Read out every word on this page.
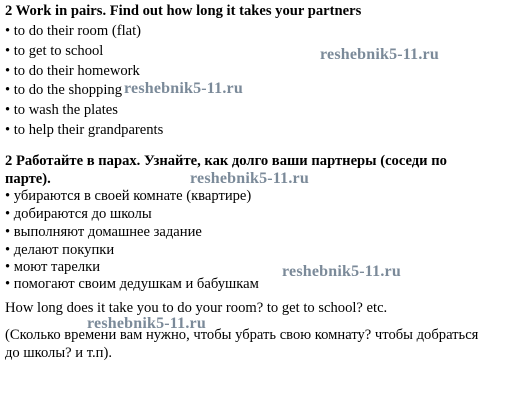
2 Work in pairs. Find out how long it takes your partners
• to do their room (flat)
• to get to school
• to do their homework
• to do the shopping
• to wash the plates
• to help their grandparents
2 Работайте в парах. Узнайте, как долго ваши партнеры (соседи по
парте).
• убираются в своей комнате (квартире)
• добираются до школы
• выполняют домашнее задание
• делают покупки
• моют тарелки
• помогают своим дедушкам и бабушкам
How long does it take you to do your room? to get to school? etc.
(Сколько времени вам нужно, чтобы убрать свою комнату? чтобы добраться
до школы? и т.п).
reshebnik5-11.ru
reshebnik5-11.ru
reshebnik5-11.ru
reshebnik5-11.ru
reshebnik5-11.ru
